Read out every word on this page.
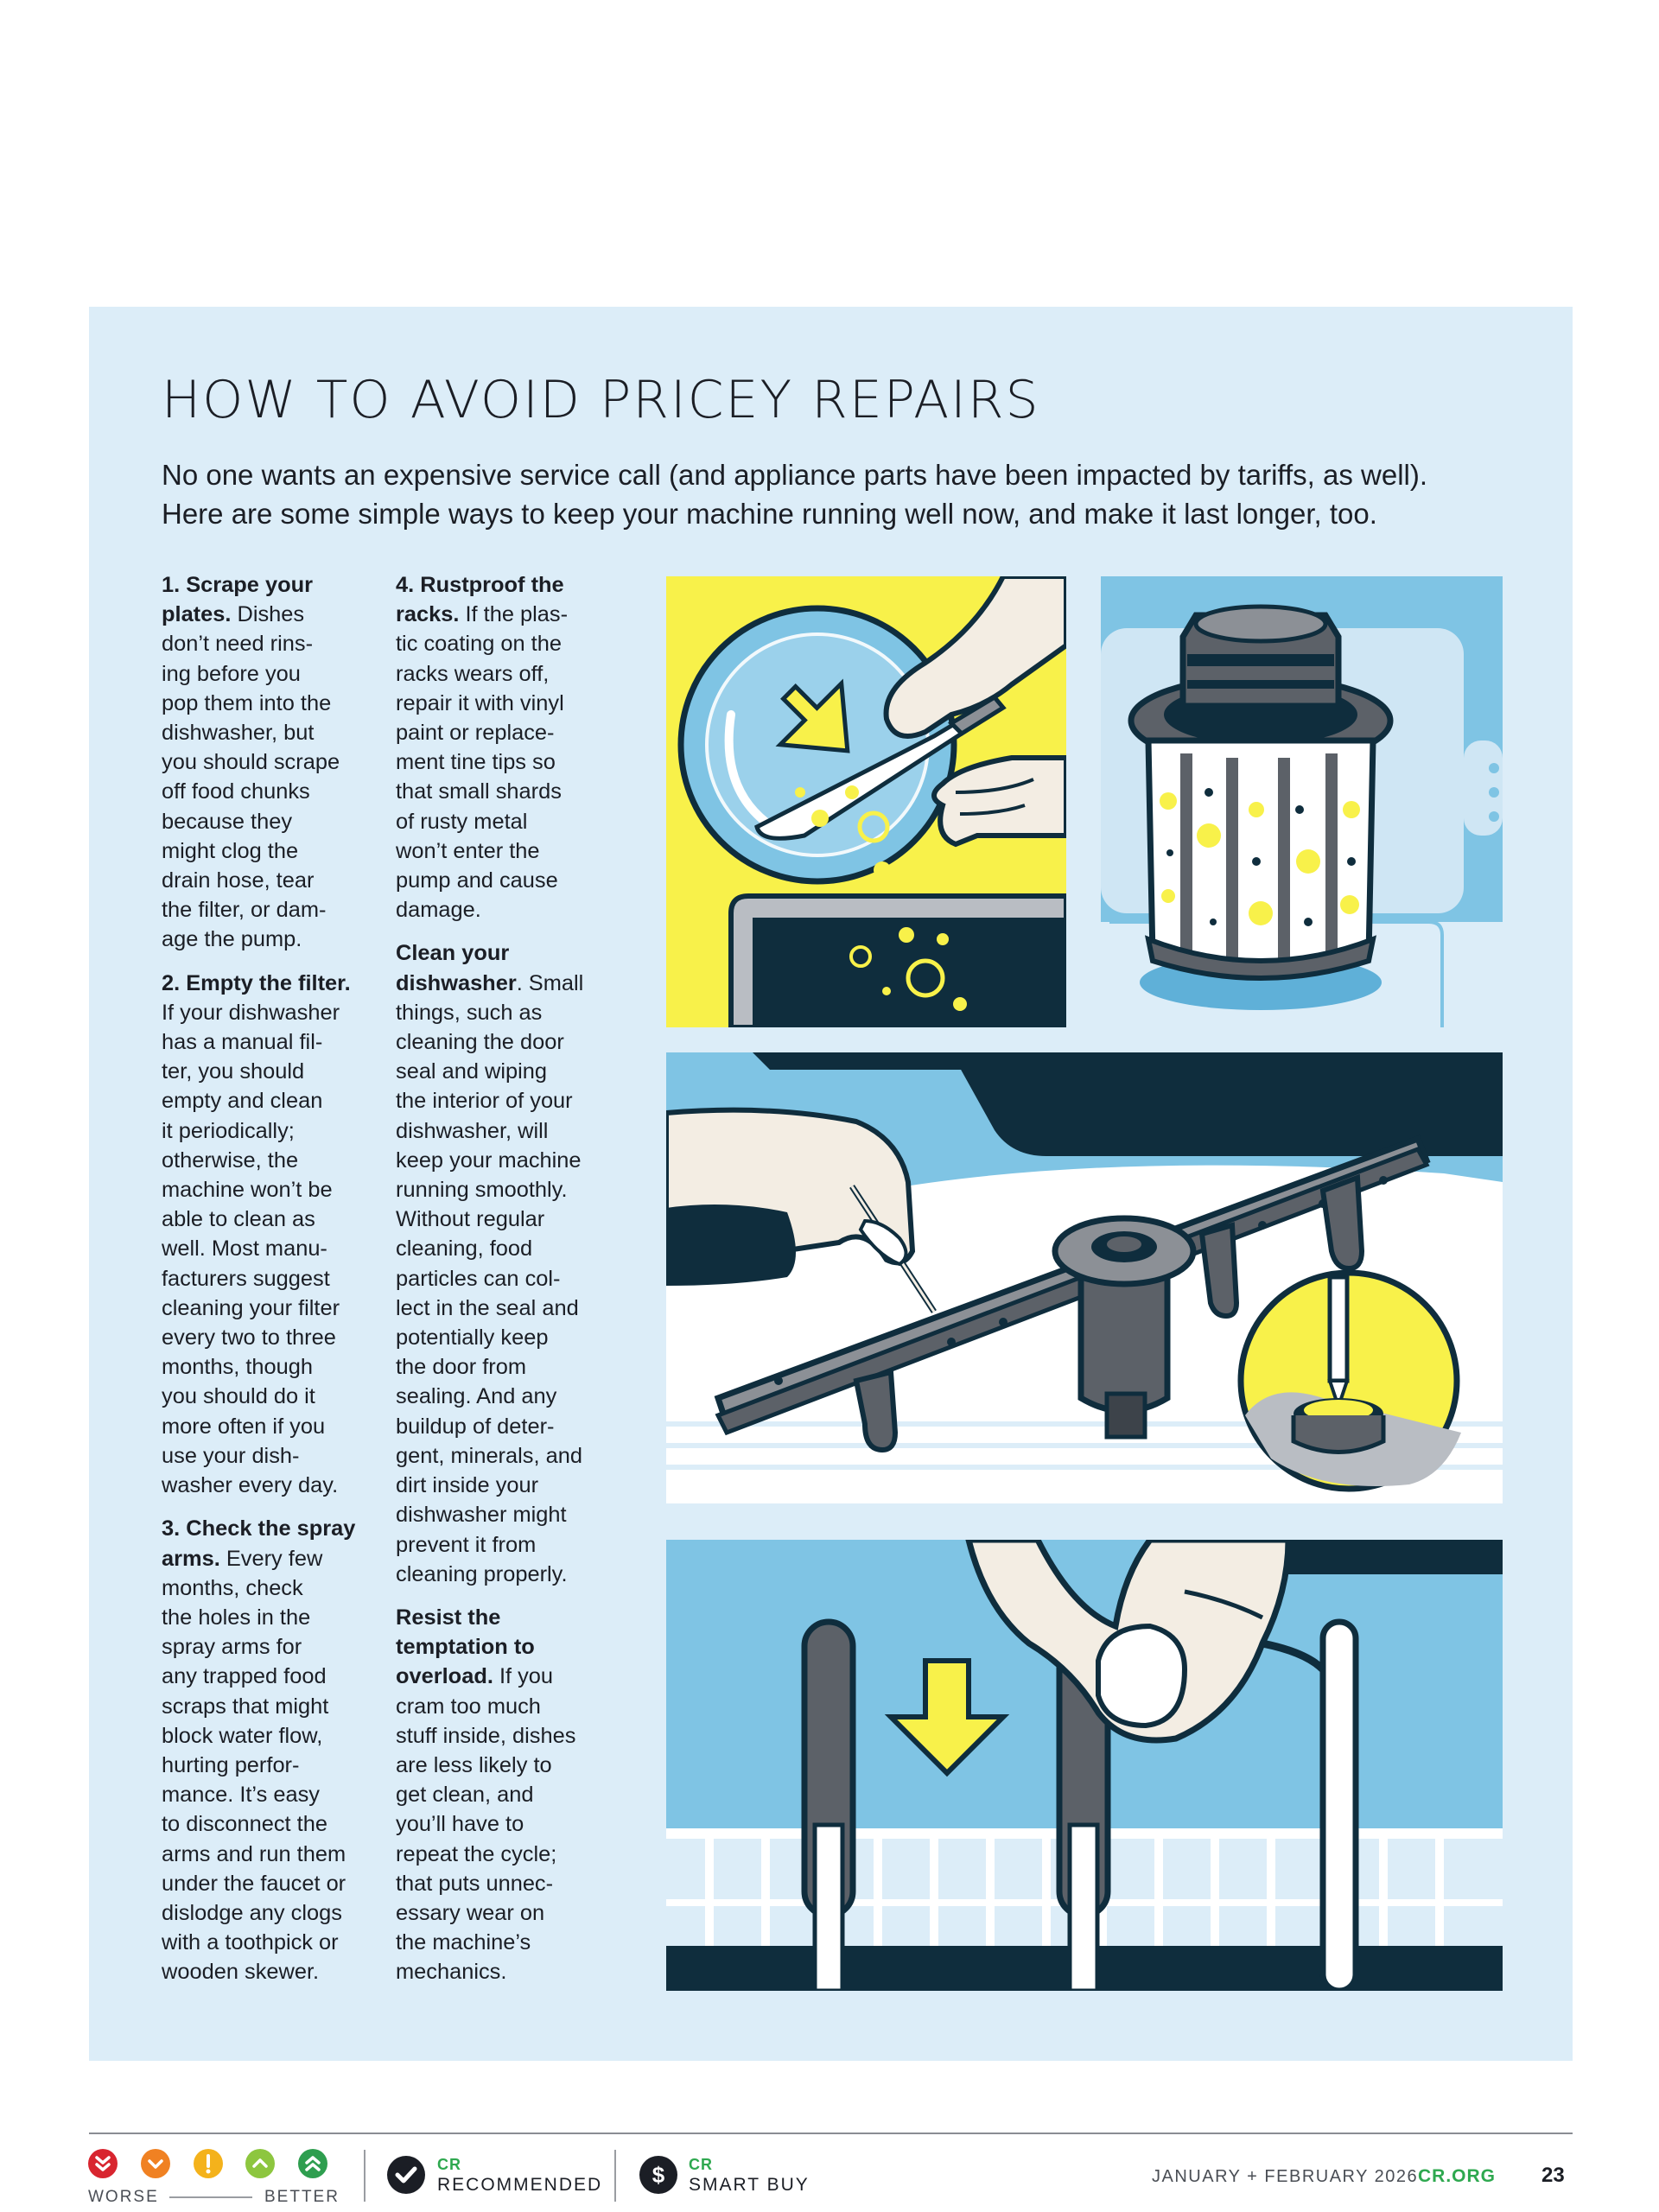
HOW TO AVOID PRICEY REPAIRS

No one wants an expensive service call (and appliance parts have been impacted by tariffs, as well).
Here are some simple ways to keep your machine running well now, and make it last longer, too.

1. Scrape your
plates. Dishes
don’t need rins-
ing before you
pop them into the
dishwasher, but
you should scrape
off food chunks
because they
might clog the
drain hose, tear
the filter, or dam-
age the pump.

2. Empty the filter.
If your dishwasher
has a manual fil-
ter, you should
empty and clean
it periodically;
otherwise, the
machine won’t be
able to clean as
well. Most manu-
facturers suggest
cleaning your filter
every two to three
months, though
you should do it
more often if you
use your dish-
washer every day.

3. Check the spray
arms. Every few
months, check
the holes in the
spray arms for
any trapped food
scraps that might
block water flow,
hurting perfor-
mance. It’s easy
to disconnect the
arms and run them
under the faucet or
dislodge any clogs
with a toothpick or
wooden skewer.

4. Rustproof the
racks. If the plas-
tic coating on the
racks wears off,
repair it with vinyl
paint or replace-
ment tine tips so
that small shards
of rusty metal
won’t enter the
pump and cause
damage.

Clean your
dishwasher. Small
things, such as
cleaning the door
seal and wiping
the interior of your
dishwasher, will
keep your machine
running smoothly.
Without regular
cleaning, food
particles can col-
lect in the seal and
potentially keep
the door from
sealing. And any
buildup of deter-
gent, minerals, and
dirt inside your
dishwasher might
prevent it from
cleaning properly.

Resist the
temptation to
overload. If you
cram too much
stuff inside, dishes
are less likely to
get clean, and
you’ll have to
repeat the cycle;
that puts unnec-
essary wear on
the machine’s
mechanics.

WORSE	BETTER
CR
RECOMMENDED $ CR
SMART BUY	JANUARY + FEBRUARY 2026 CR.ORG 23
